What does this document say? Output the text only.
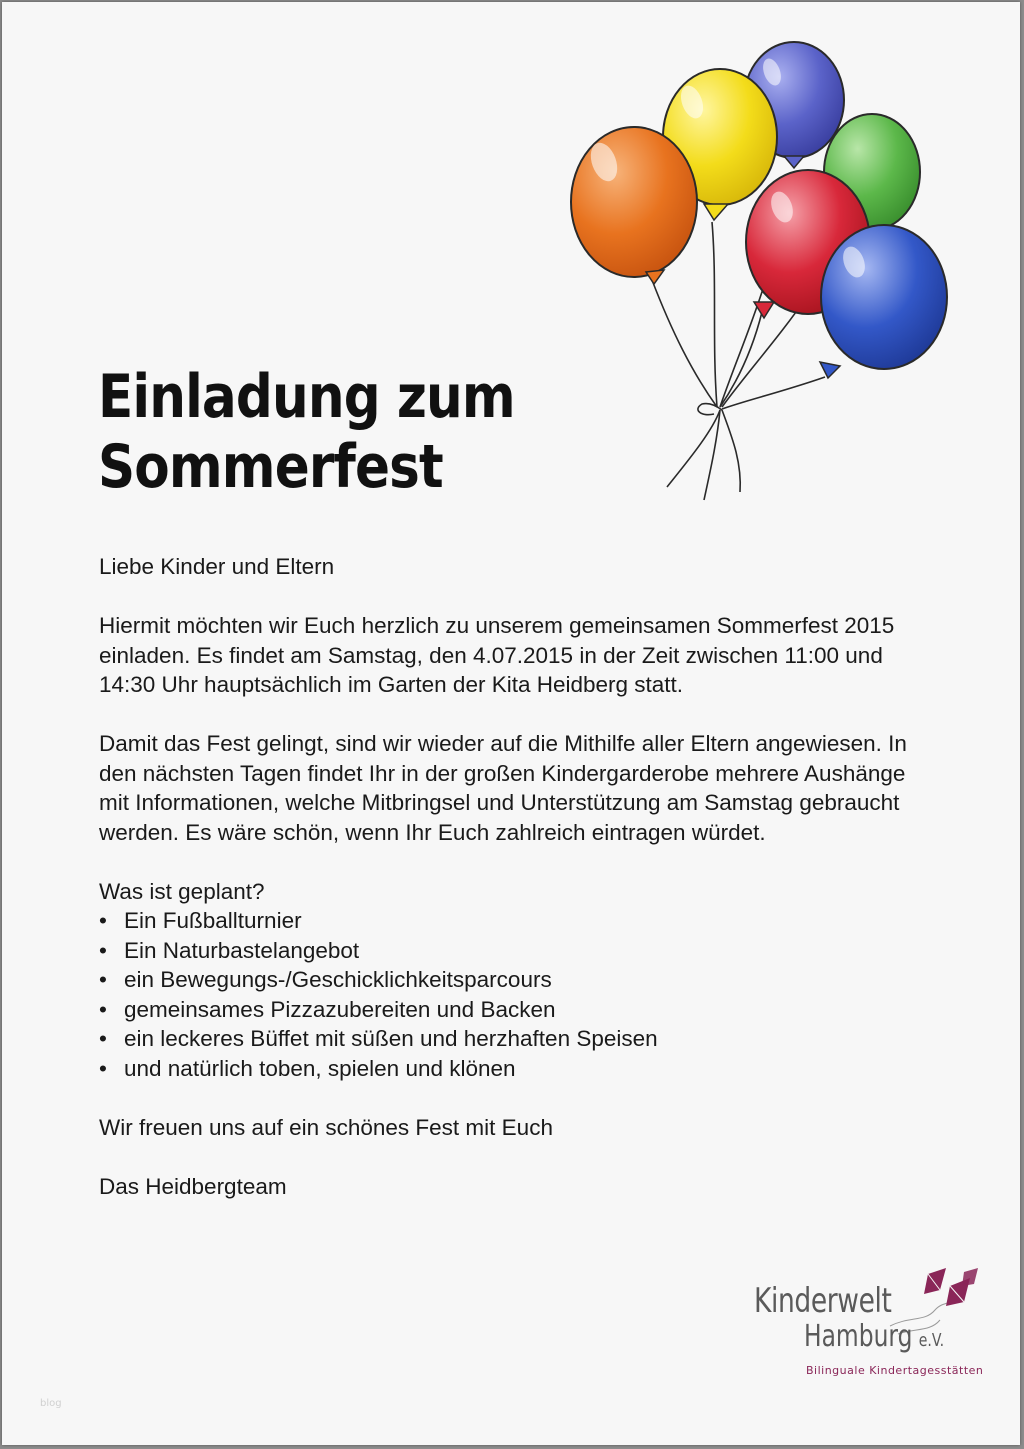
Einladung zum
Sommerfest

Liebe Kinder und Eltern

Hiermit möchten wir Euch herzlich zu unserem gemeinsamen Sommerfest 2015 einladen. Es findet am Samstag, den 4.07.2015 in der Zeit zwischen 11:00 und 14:30 Uhr hauptsächlich im Garten der Kita Heidberg statt.

Damit das Fest gelingt, sind wir wieder auf die Mithilfe aller Eltern angewiesen. In den nächsten Tagen findet Ihr in der großen Kindergarderobe mehrere Aushänge mit Informationen, welche Mitbringsel und Unterstützung am Samstag gebraucht werden. Es wäre schön, wenn Ihr Euch zahlreich eintragen würdet.

Was ist geplant?
• Ein Fußballturnier
• Ein Naturbastelangebot
• ein Bewegungs-/Geschicklichkeitsparcours
• gemeinsames Pizzazubereiten und Backen
• ein leckeres Büffet mit süßen und herzhaften Speisen
• und natürlich toben, spielen und klönen

Wir freuen uns auf ein schönes Fest mit Euch

Das Heidbergteam

Kinderwelt
Hamburg e.V.
Bilinguale Kindertagesstätten
blog
